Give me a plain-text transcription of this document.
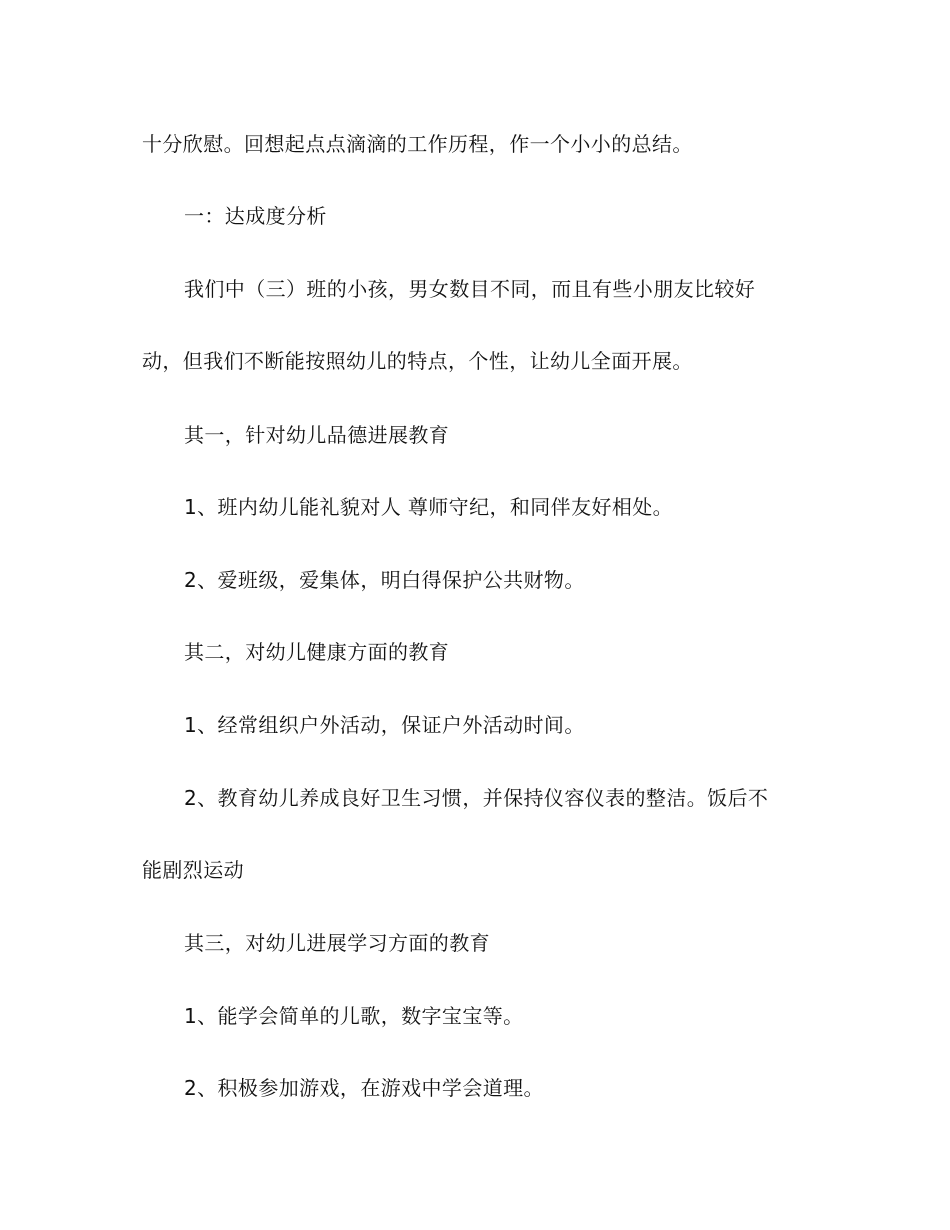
十分欣慰。回想起点点滴滴的工作历程，作一个小小的总结。
一：达成度分析
我们中（三）班的小孩，男女数目不同，而且有些小朋友比较好
动，但我们不断能按照幼儿的特点，个性，让幼儿全面开展。
其一，针对幼儿品德进展教育
1、班内幼儿能礼貌对人 尊师守纪，和同伴友好相处。
2、爱班级，爱集体，明白得保护公共财物。
其二，对幼儿健康方面的教育
1、经常组织户外活动，保证户外活动时间。
2、教育幼儿养成良好卫生习惯，并保持仪容仪表的整洁。饭后不
能剧烈运动
其三，对幼儿进展学习方面的教育
1、能学会简单的儿歌，数字宝宝等。
2、积极参加游戏，在游戏中学会道理。
